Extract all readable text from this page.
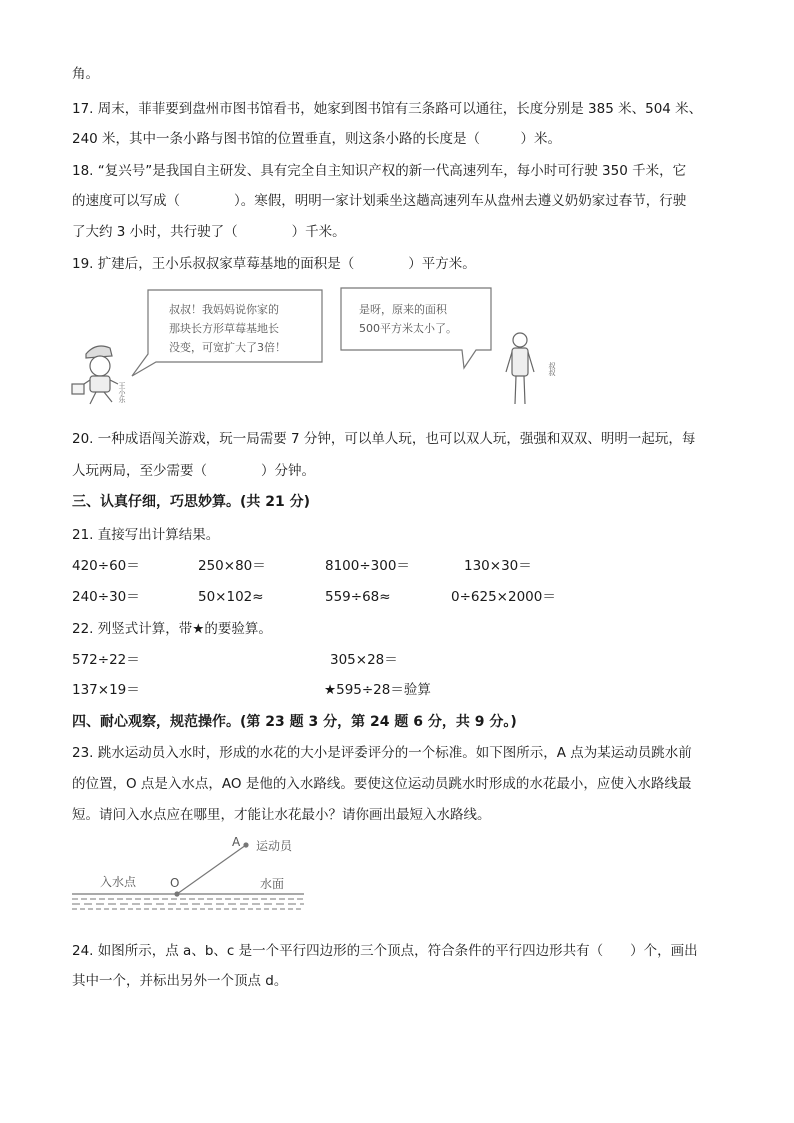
角。
17. 周末，菲菲要到盘州市图书馆看书，她家到图书馆有三条路可以通往，长度分别是 385 米、504 米、
240 米，其中一条小路与图书馆的位置垂直，则这条小路的长度是（　　　）米。
18. “复兴号”是我国自主研发、具有完全自主知识产权的新一代高速列车，每小时可行驶 350 千米，它
的速度可以写成（　　　　）。寒假，明明一家计划乘坐这趟高速列车从盘州去遵义奶奶家过春节，行驶
了大约 3 小时，共行驶了（　　　　）千米。
19. 扩建后，王小乐叔叔家草莓基地的面积是（　　　　）平方米。
叔叔！我妈妈说你家的
那块长方形草莓基地长
没变，可宽扩大了3倍！
王小乐
是呀，原来的面积
500平方米太小了。
叔叔
20. 一种成语闯关游戏，玩一局需要 7 分钟，可以单人玩，也可以双人玩，强强和双双、明明一起玩，每
人玩两局，至少需要（　　　　）分钟。
三、认真仔细，巧思妙算。(共 21 分)
21. 直接写出计算结果。
420÷60＝	250×80＝	8100÷300＝	130×30＝
240÷30＝	50×102≈	559÷68≈	0÷625×2000＝
22. 列竖式计算，带★的要验算。
572÷22＝	305×28＝
137×19＝	★595÷28＝验算
四、耐心观察，规范操作。(第 23 题 3 分，第 24 题 6 分，共 9 分。)
23. 跳水运动员入水时，形成的水花的大小是评委评分的一个标准。如下图所示，A 点为某运动员跳水前
的位置，O 点是入水点，AO 是他的入水路线。要使这位运动员跳水时形成的水花最小，应使入水路线最
短。请问入水点应在哪里，才能让水花最小？请你画出最短入水路线。
A 运动员
O
入水点	水面
24. 如图所示，点 a、b、c 是一个平行四边形的三个顶点，符合条件的平行四边形共有（　　）个，画出
其中一个，并标出另外一个顶点 d。
